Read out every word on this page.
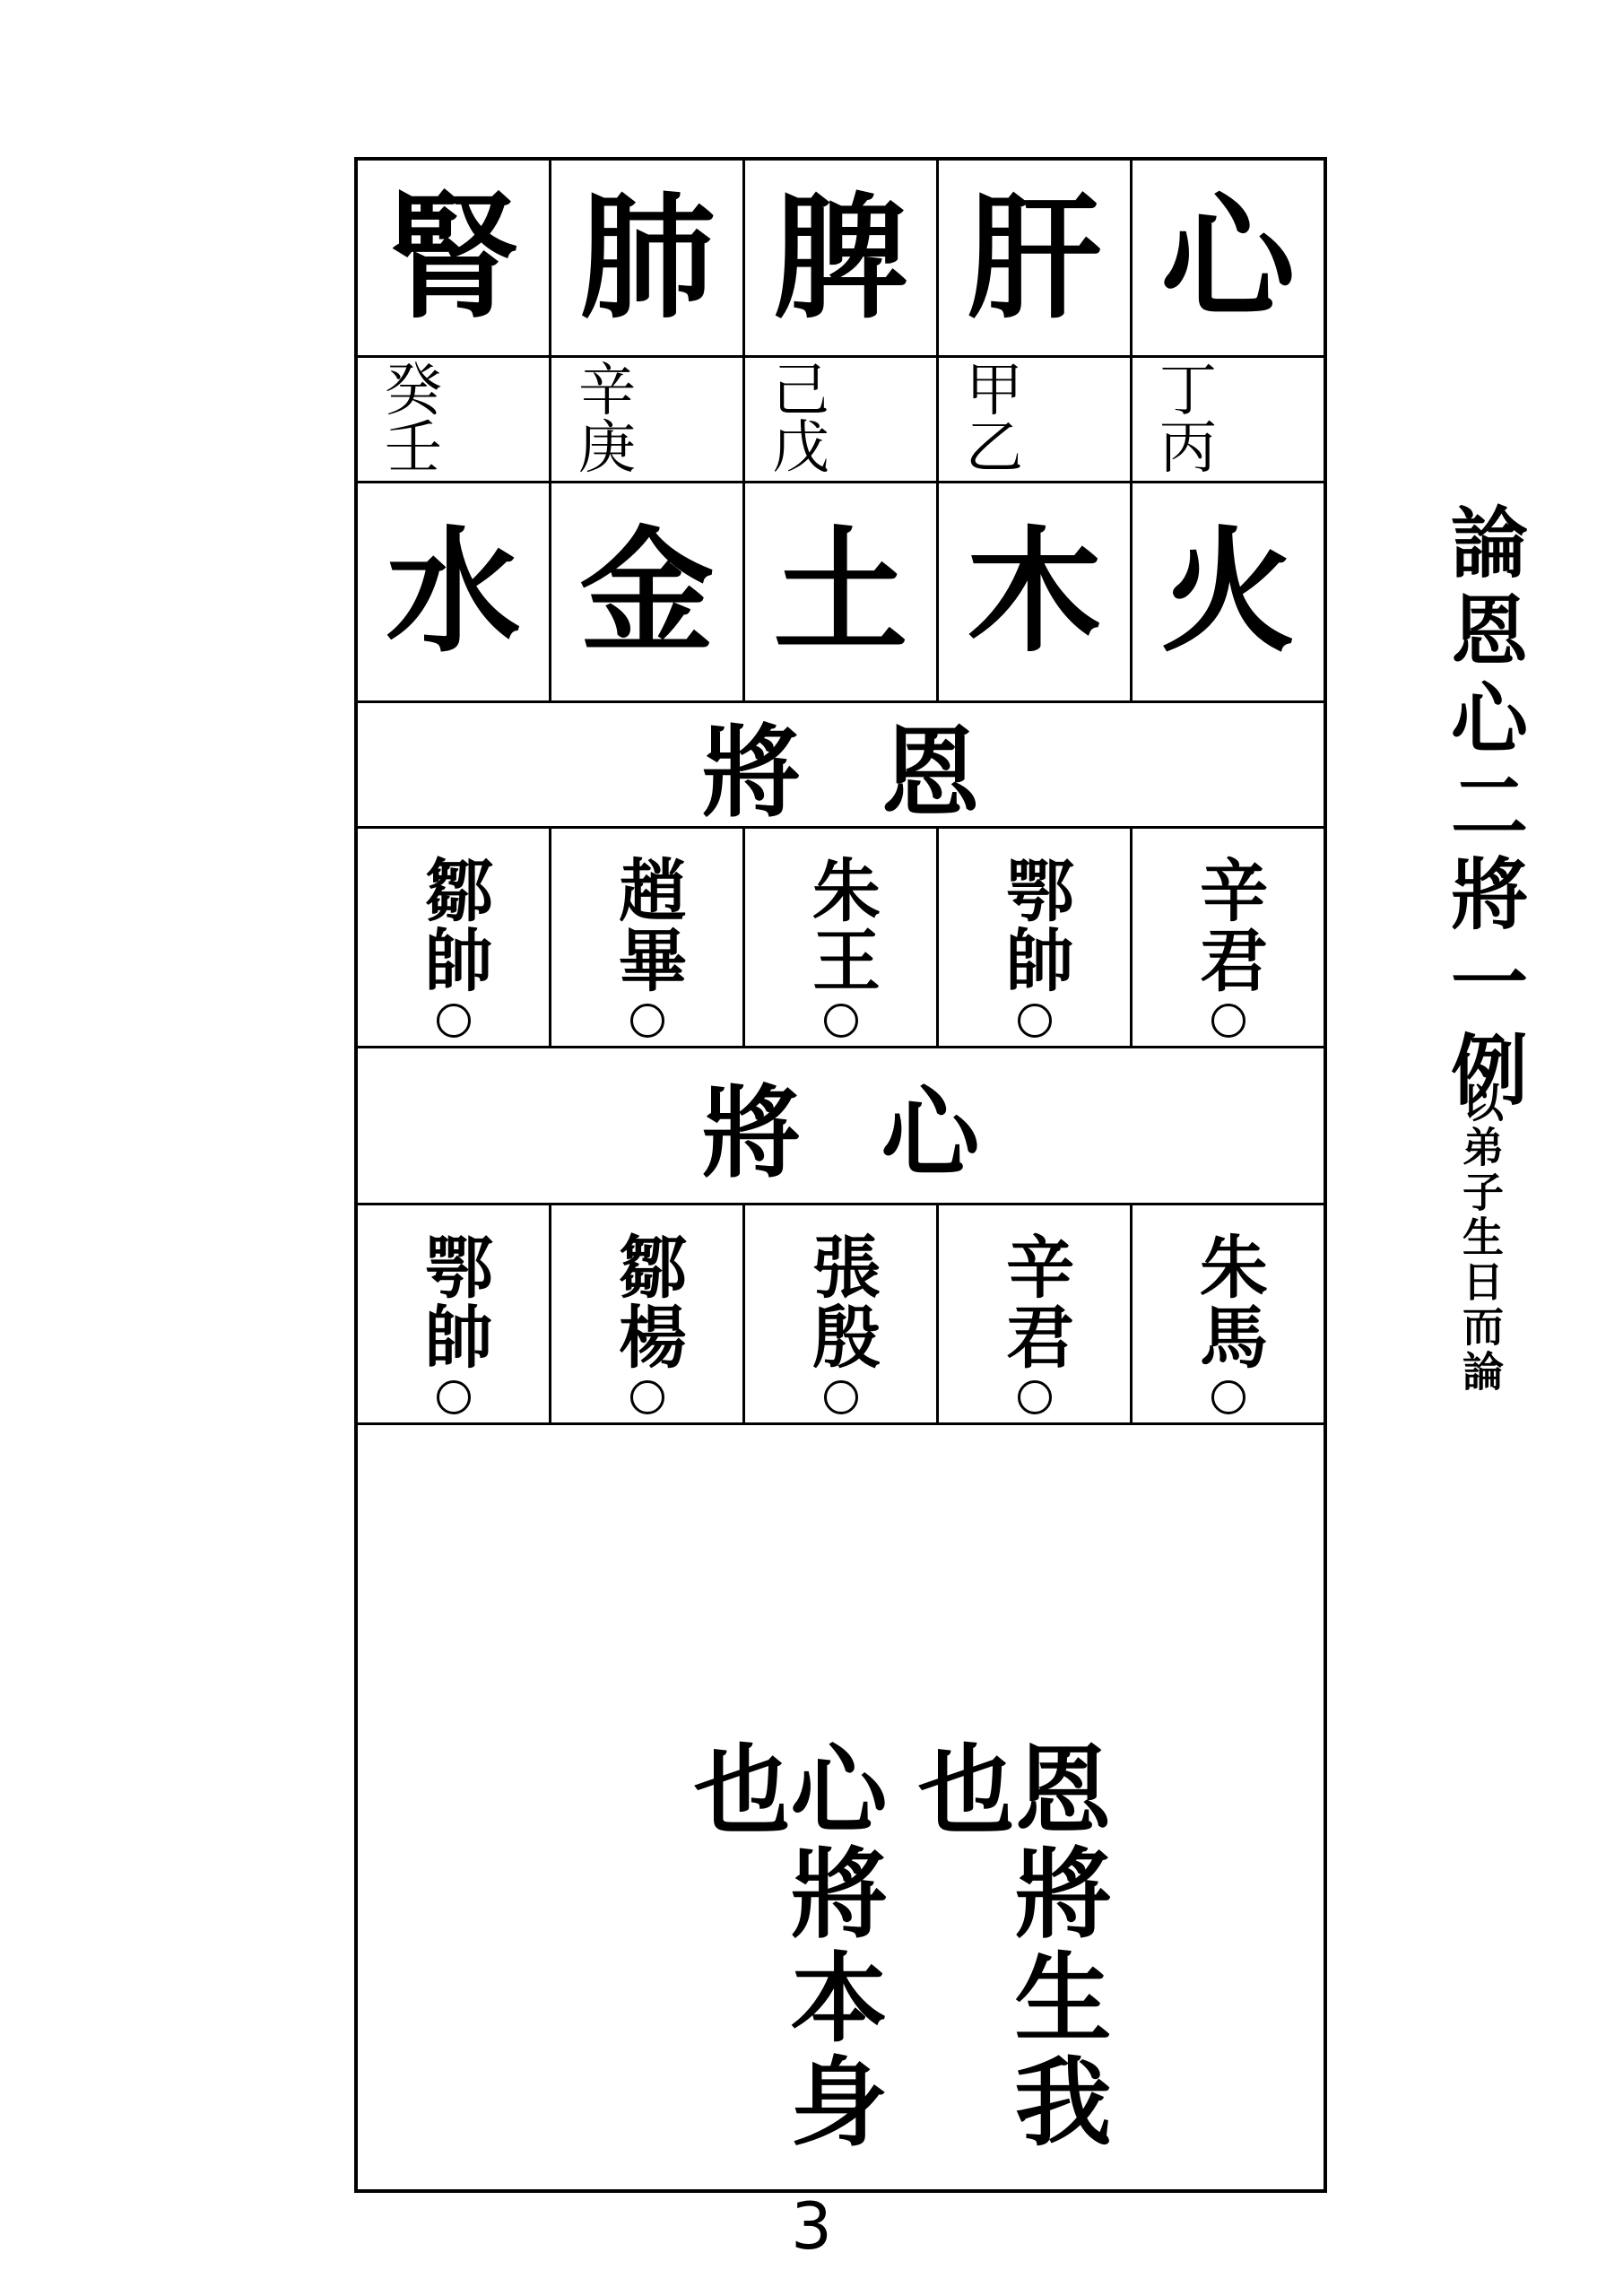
論恩心二將一例
以弟子生日而論
腎 肺 脾 肝 心
癸壬
辛庚
己戊
甲乙
丁丙
水 金 土 木 火
將恩
鄒帥 趙畢 朱王 鄂帥 辛君
將心
鄂帥 鄒楊 張殷 辛君 朱馬
恩將生我也
心將本身也
3
